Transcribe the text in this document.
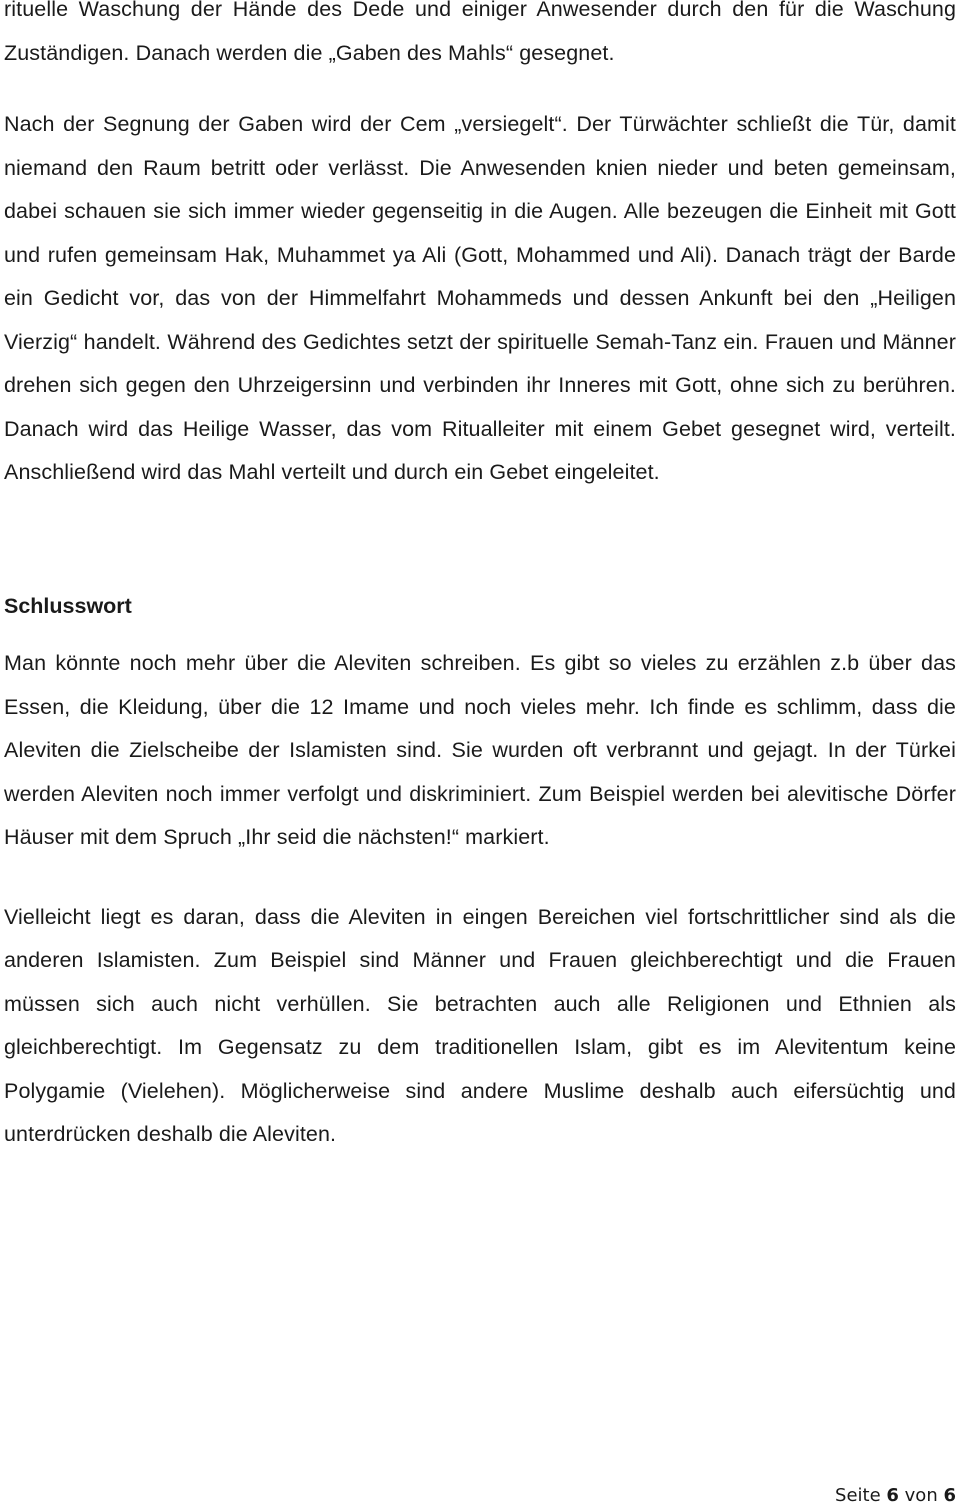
rituelle Waschung der Hände des Dede und einiger Anwesender durch den für die Waschung Zuständigen. Danach werden die „Gaben des Mahls“ gesegnet.

Nach der Segnung der Gaben wird der Cem „versiegelt“. Der Türwächter schließt die Tür, damit niemand den Raum betritt oder verlässt. Die Anwesenden knien nieder und beten gemeinsam, dabei schauen sie sich immer wieder gegenseitig in die Augen. Alle bezeugen die Einheit mit Gott und rufen gemeinsam Hak, Muhammet ya Ali (Gott, Mohammed und Ali). Danach trägt der Barde ein Gedicht vor, das von der Himmelfahrt Mohammeds und dessen Ankunft bei den „Heiligen Vierzig“ handelt. Während des Gedichtes setzt der spirituelle Semah-Tanz ein. Frauen und Männer drehen sich gegen den Uhrzeigersinn und verbinden ihr Inneres mit Gott, ohne sich zu berühren. Danach wird das Heilige Wasser, das vom Ritualleiter mit einem Gebet gesegnet wird, verteilt. Anschließend wird das Mahl verteilt und durch ein Gebet eingeleitet.

Schlusswort

Man könnte noch mehr über die Aleviten schreiben. Es gibt so vieles zu erzählen z.b über das Essen, die Kleidung, über die 12 Imame und noch vieles mehr. Ich finde es schlimm, dass die Aleviten die Zielscheibe der Islamisten sind. Sie wurden oft verbrannt und gejagt. In der Türkei werden Aleviten noch immer verfolgt und diskriminiert. Zum Beispiel werden bei alevitische Dörfer Häuser mit dem Spruch „Ihr seid die nächsten!“ markiert.

Vielleicht liegt es daran, dass die Aleviten in eingen Bereichen viel fortschrittlicher sind als die anderen Islamisten. Zum Beispiel sind Männer und Frauen gleichberechtigt und die Frauen müssen sich auch nicht verhüllen. Sie betrachten auch alle Religionen und Ethnien als gleichberechtigt. Im Gegensatz zu dem traditionellen Islam, gibt es im Alevitentum keine Polygamie (Vielehen). Möglicherweise sind andere Muslime deshalb auch eifersüchtig und unterdrücken deshalb die Aleviten.

Seite 6 von 6
